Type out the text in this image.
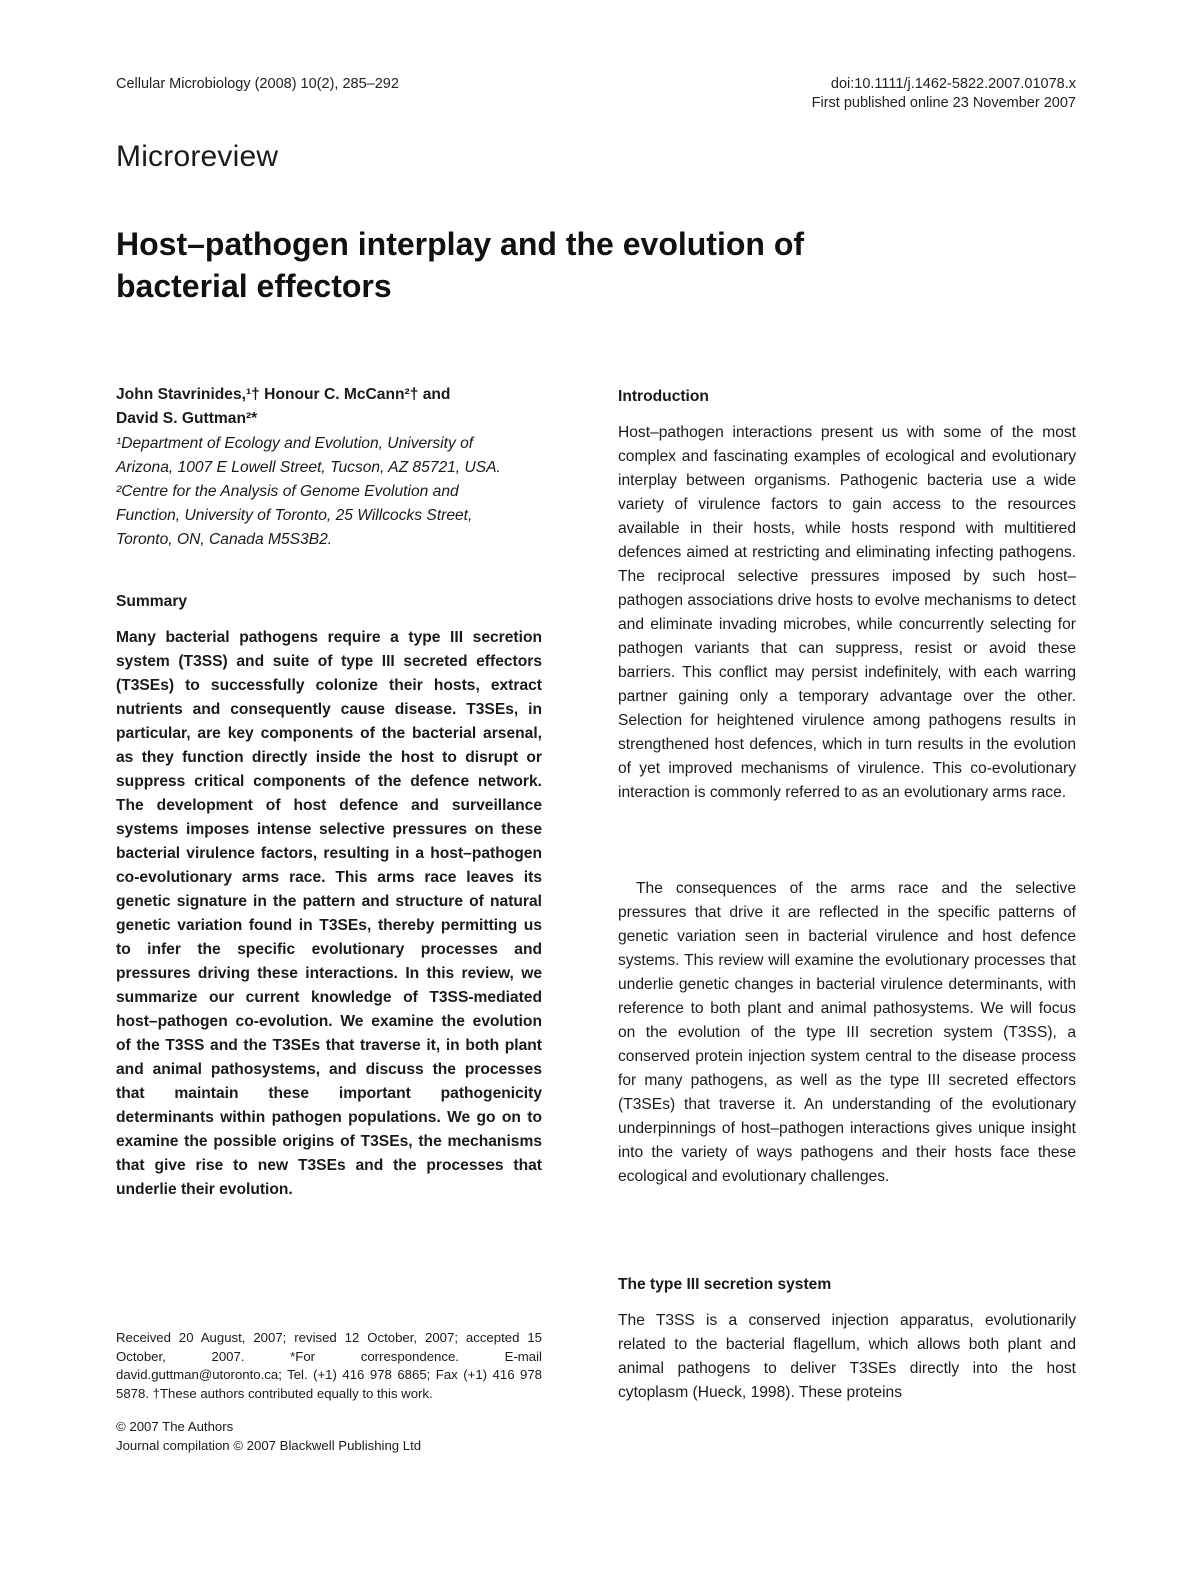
Cellular Microbiology (2008) 10(2), 285–292	doi:10.1111/j.1462-5822.2007.01078.x
First published online 23 November 2007
Microreview
Host–pathogen interplay and the evolution of
bacterial effectors
John Stavrinides,¹† Honour C. McCann²† and
David S. Guttman²*
¹Department of Ecology and Evolution, University of
Arizona, 1007 E Lowell Street, Tucson, AZ 85721, USA.
²Centre for the Analysis of Genome Evolution and
Function, University of Toronto, 25 Willcocks Street,
Toronto, ON, Canada M5S3B2.
Summary

Many bacterial pathogens require a type III secretion system (T3SS) and suite of type III secreted effectors (T3SEs) to successfully colonize their hosts, extract nutrients and consequently cause disease. T3SEs, in particular, are key components of the bacterial arsenal, as they function directly inside the host to disrupt or suppress critical components of the defence network. The development of host defence and surveillance systems imposes intense selective pressures on these bacterial virulence factors, resulting in a host–pathogen co-evolutionary arms race. This arms race leaves its genetic signature in the pattern and structure of natural genetic variation found in T3SEs, thereby permitting us to infer the specific evolutionary processes and pressures driving these interactions. In this review, we summarize our current knowledge of T3SS-mediated host–pathogen co-evolution. We examine the evolution of the T3SS and the T3SEs that traverse it, in both plant and animal pathosystems, and discuss the processes that maintain these important pathogenicity determinants within pathogen populations. We go on to examine the possible origins of T3SEs, the mechanisms that give rise to new T3SEs and the processes that underlie their evolution.

Received 20 August, 2007; revised 12 October, 2007; accepted 15 October, 2007. *For correspondence. E-mail david.guttman@utoronto.ca; Tel. (+1) 416 978 6865; Fax (+1) 416 978 5878. †These authors contributed equally to this work.

© 2007 The Authors
Journal compilation © 2007 Blackwell Publishing Ltd
Introduction

Host–pathogen interactions present us with some of the most complex and fascinating examples of ecological and evolutionary interplay between organisms. Pathogenic bacteria use a wide variety of virulence factors to gain access to the resources available in their hosts, while hosts respond with multitiered defences aimed at restricting and eliminating infecting pathogens. The reciprocal selective pressures imposed by such host–pathogen associations drive hosts to evolve mechanisms to detect and eliminate invading microbes, while concurrently selecting for pathogen variants that can suppress, resist or avoid these barriers. This conflict may persist indefinitely, with each warring partner gaining only a temporary advantage over the other. Selection for heightened virulence among pathogens results in strengthened host defences, which in turn results in the evolution of yet improved mechanisms of virulence. This co-evolutionary interaction is commonly referred to as an evolutionary arms race.

The consequences of the arms race and the selective pressures that drive it are reflected in the specific patterns of genetic variation seen in bacterial virulence and host defence systems. This review will examine the evolutionary processes that underlie genetic changes in bacterial virulence determinants, with reference to both plant and animal pathosystems. We will focus on the evolution of the type III secretion system (T3SS), a conserved protein injection system central to the disease process for many pathogens, as well as the type III secreted effectors (T3SEs) that traverse it. An understanding of the evolutionary underpinnings of host–pathogen interactions gives unique insight into the variety of ways pathogens and their hosts face these ecological and evolutionary challenges.

The type III secretion system

The T3SS is a conserved injection apparatus, evolutionarily related to the bacterial flagellum, which allows both plant and animal pathogens to deliver T3SEs directly into the host cytoplasm (Hueck, 1998). These proteins
